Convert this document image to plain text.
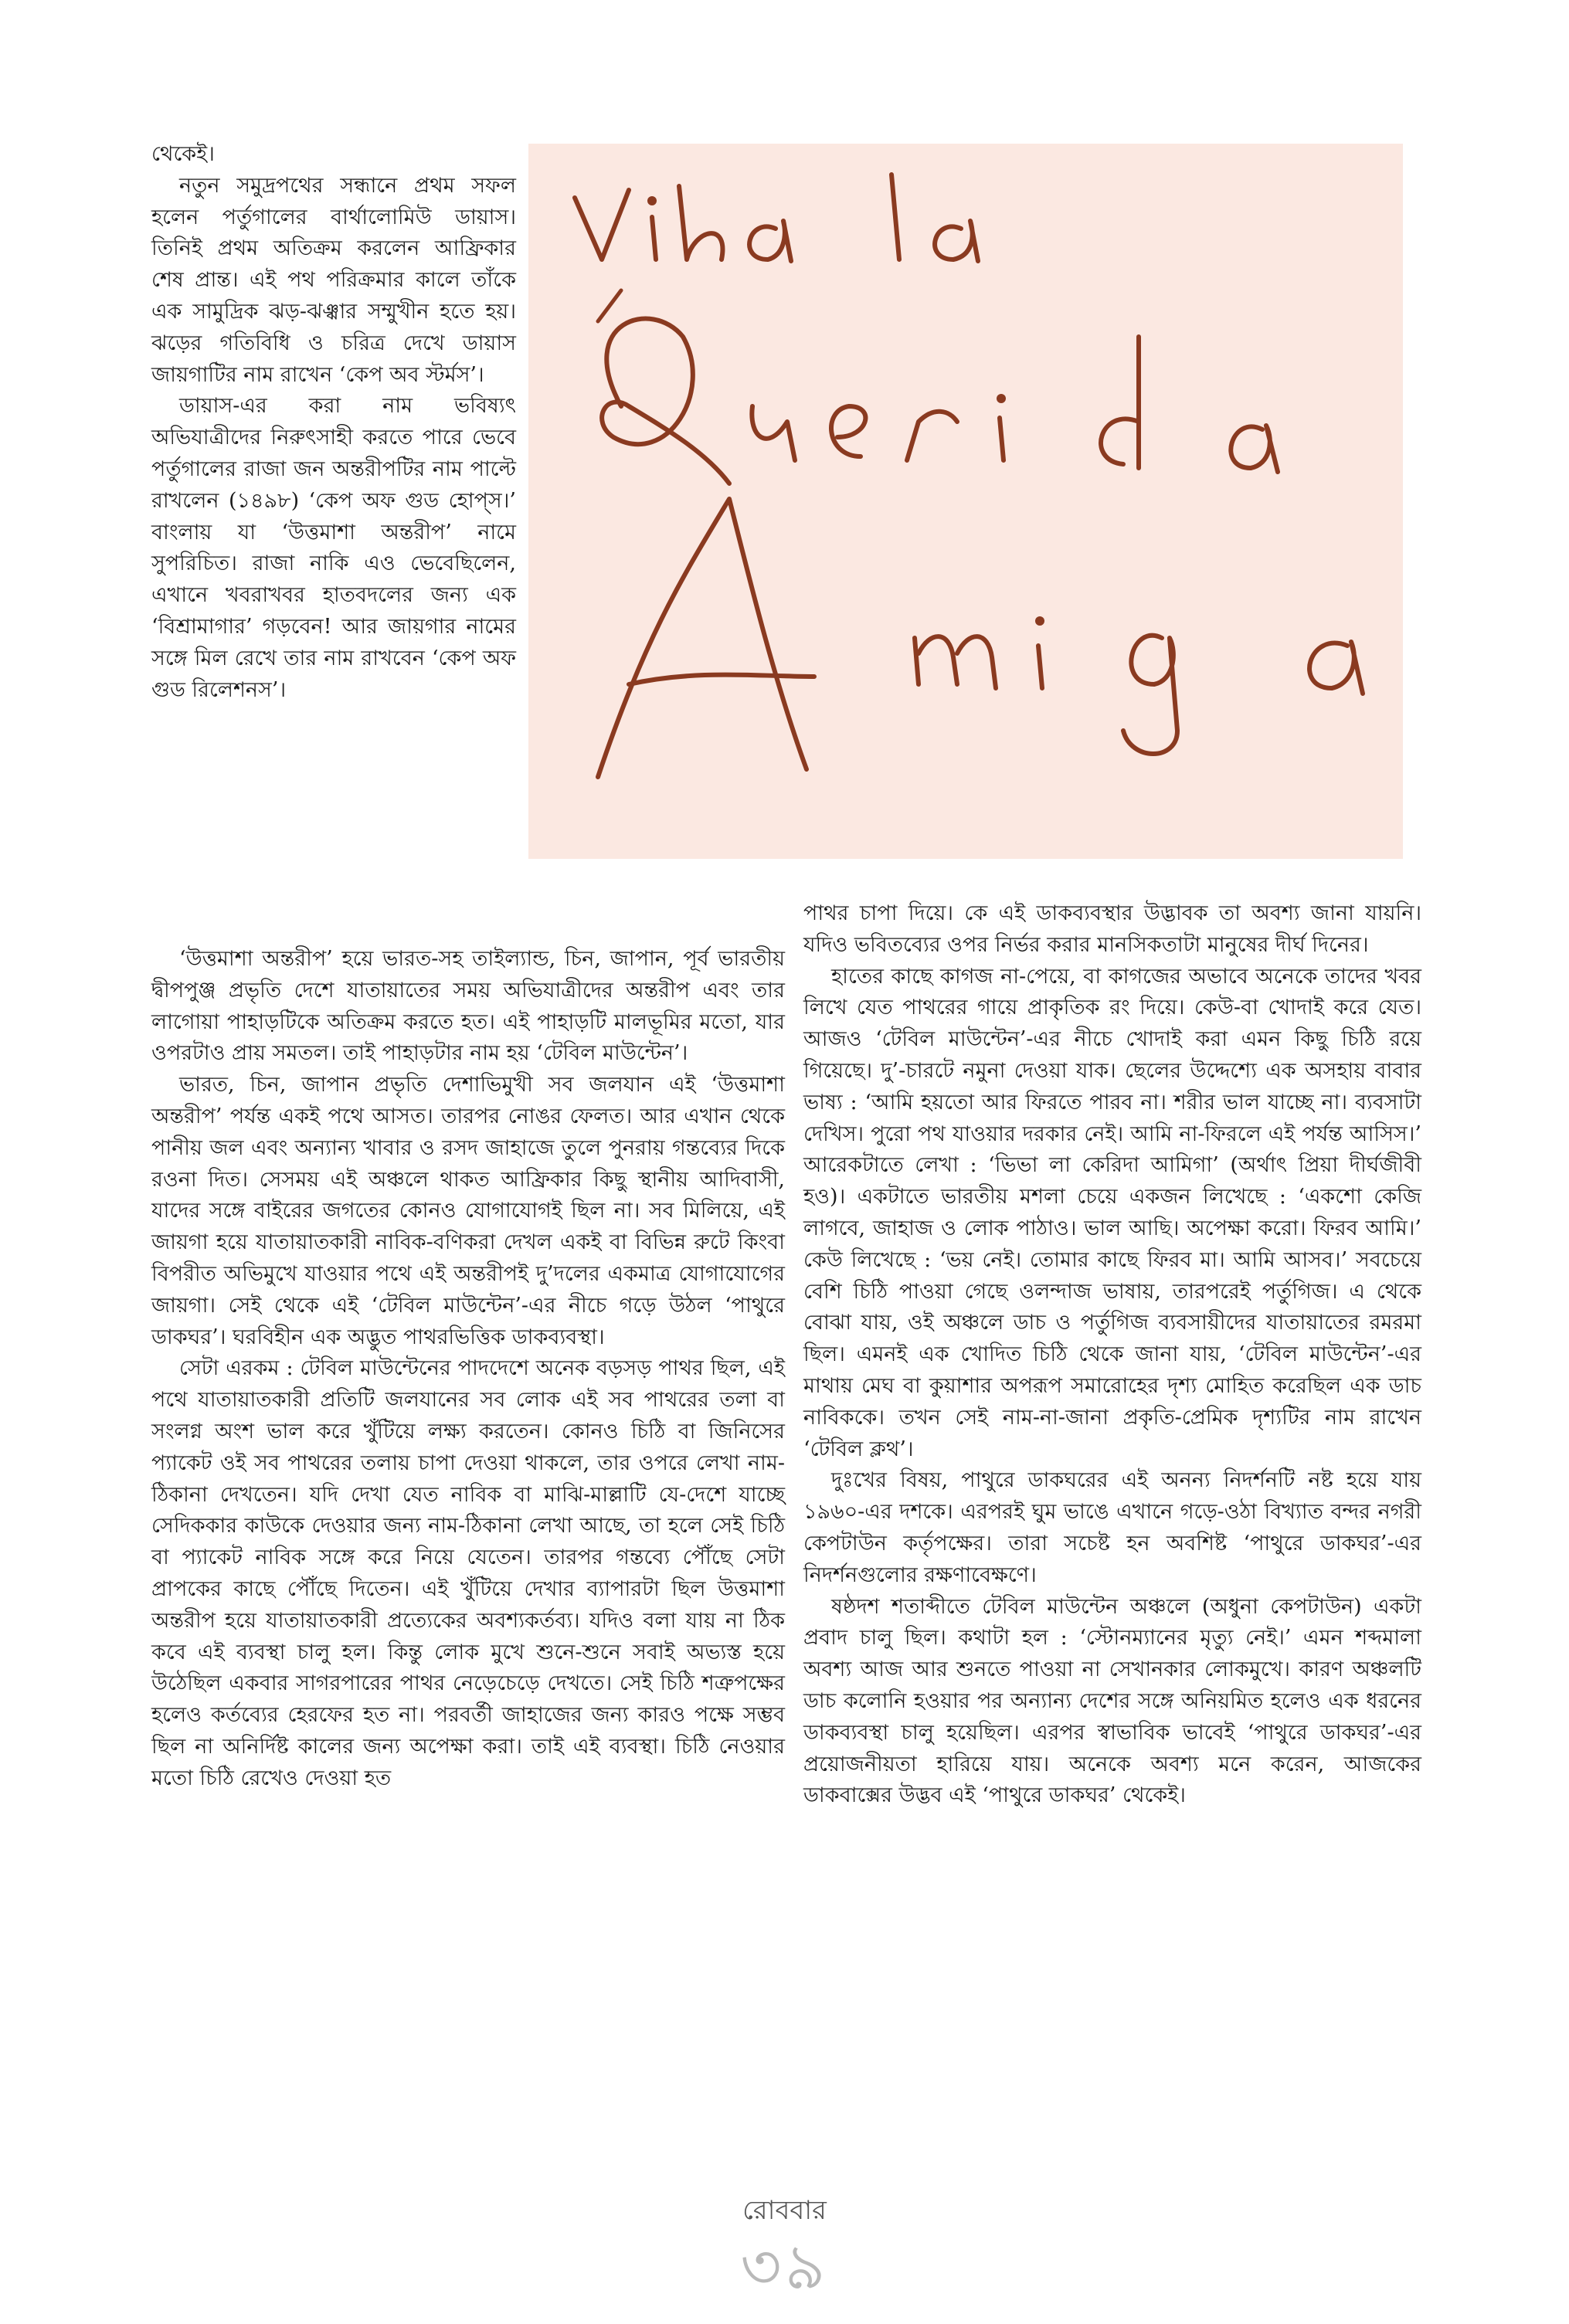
থেকেই।

নতুন সমুদ্রপথের সন্ধানে প্রথম সফল হলেন পর্তুগালের বার্থালোমিউ ডায়াস। তিনিই প্রথম অতিক্রম করলেন আফ্রিকার শেষ প্রান্ত। এই পথ পরিক্রমার কালে তাঁকে এক সামুদ্রিক ঝড়-ঝঞ্ঝার সম্মুখীন হতে হয়। ঝড়ের গতিবিধি ও চরিত্র দেখে ডায়াস জায়গাটির নাম রাখেন ‘কেপ অব স্টর্মস’।

ডায়াস-এর করা নাম ভবিষ্যৎ অভিযাত্রীদের নিরুৎসাহী করতে পারে ভেবে পর্তুগালের রাজা জন অন্তরীপটির নাম পাল্টে রাখলেন (১৪৯৮) ‘কেপ অফ গুড হোপ্‌স।’ বাংলায় যা ‘উত্তমাশা অন্তরীপ’ নামে সুপরিচিত। রাজা নাকি এও ভেবেছিলেন, এখানে খবরাখবর হাতবদলের জন্য এক ‘বিশ্রামাগার’ গড়বেন! আর জায়গার নামের সঙ্গে মিল রেখে তার নাম রাখবেন ‘কেপ অফ গুড রিলেশনস’।

‘উত্তমাশা অন্তরীপ’ হয়ে ভারত-সহ তাইল্যান্ড, চিন, জাপান, পূর্ব ভারতীয় দ্বীপপুঞ্জ প্রভৃতি দেশে যাতায়াতের সময় অভিযাত্রীদের অন্তরীপ এবং তার লাগোয়া পাহাড়টিকে অতিক্রম করতে হত। এই পাহাড়টি মালভূমির মতো, যার ওপরটাও প্রায় সমতল। তাই পাহাড়টার নাম হয় ‘টেবিল মাউন্টেন’।

ভারত, চিন, জাপান প্রভৃতি দেশাভিমুখী সব জলযান এই ‘উত্তমাশা অন্তরীপ’ পর্যন্ত একই পথে আসত। তারপর নোঙর ফেলত। আর এখান থেকে পানীয় জল এবং অন্যান্য খাবার ও রসদ জাহাজে তুলে পুনরায় গন্তব্যের দিকে রওনা দিত। সেসময় এই অঞ্চলে থাকত আফ্রিকার কিছু স্থানীয় আদিবাসী, যাদের সঙ্গে বাইরের জগতের কোনও যোগাযোগই ছিল না। সব মিলিয়ে, এই জায়গা হয়ে যাতায়াতকারী নাবিক-বণিকরা দেখল একই বা বিভিন্ন রুটে কিংবা বিপরীত অভিমুখে যাওয়ার পথে এই অন্তরীপই দু’দলের একমাত্র যোগাযোগের জায়গা। সেই থেকে এই ‘টেবিল মাউন্টেন’-এর নীচে গড়ে উঠল ‘পাথুরে ডাকঘর’। ঘরবিহীন এক অদ্ভুত পাথরভিত্তিক ডাকব্যবস্থা।

সেটা এরকম : টেবিল মাউন্টেনের পাদদেশে অনেক বড়সড় পাথর ছিল, এই পথে যাতায়াতকারী প্রতিটি জলযানের সব লোক এই সব পাথরের তলা বা সংলগ্ন অংশ ভাল করে খুঁটিয়ে লক্ষ্য করতেন। কোনও চিঠি বা জিনিসের প্যাকেট ওই সব পাথরের তলায় চাপা দেওয়া থাকলে, তার ওপরে লেখা নাম-ঠিকানা দেখতেন। যদি দেখা যেত নাবিক বা মাঝি-মাল্লাটি যে-দেশে যাচ্ছে সেদিককার কাউকে দেওয়ার জন্য নাম-ঠিকানা লেখা আছে, তা হলে সেই চিঠি বা প্যাকেট নাবিক সঙ্গে করে নিয়ে যেতেন। তারপর গন্তব্যে পৌঁছে সেটা প্রাপকের কাছে পৌঁছে দিতেন। এই খুঁটিয়ে দেখার ব্যাপারটা ছিল উত্তমাশা অন্তরীপ হয়ে যাতায়াতকারী প্রত্যেকের অবশ্যকর্তব্য। যদিও বলা যায় না ঠিক কবে এই ব্যবস্থা চালু হল। কিন্তু লোক মুখে শুনে-শুনে সবাই অভ্যস্ত হয়ে উঠেছিল একবার সাগরপারের পাথর নেড়েচেড়ে দেখতে। সেই চিঠি শত্রুপক্ষের হলেও কর্তব্যের হেরফের হত না। পরবর্তী জাহাজের জন্য কারও পক্ষে সম্ভব ছিল না অনির্দিষ্ট কালের জন্য অপেক্ষা করা। তাই এই ব্যবস্থা। চিঠি নেওয়ার মতো চিঠি রেখেও দেওয়া হত

পাথর চাপা দিয়ে। কে এই ডাকব্যবস্থার উদ্ভাবক তা অবশ্য জানা যায়নি। যদিও ভবিতব্যের ওপর নির্ভর করার মানসিকতাটা মানুষের দীর্ঘ দিনের।

হাতের কাছে কাগজ না-পেয়ে, বা কাগজের অভাবে অনেকে তাদের খবর লিখে যেত পাথরের গায়ে প্রাকৃতিক রং দিয়ে। কেউ-বা খোদাই করে যেত। আজও ‘টেবিল মাউন্টেন’-এর নীচে খোদাই করা এমন কিছু চিঠি রয়ে গিয়েছে। দু’-চারটে নমুনা দেওয়া যাক। ছেলের উদ্দেশ্যে এক অসহায় বাবার ভাষ্য : ‘আমি হয়তো আর ফিরতে পারব না। শরীর ভাল যাচ্ছে না। ব্যবসাটা দেখিস। পুরো পথ যাওয়ার দরকার নেই। আমি না-ফিরলে এই পর্যন্ত আসিস।’ আরেকটাতে লেখা : ‘ভিভা লা কেরিদা আমিগা’ (অর্থাৎ প্রিয়া দীর্ঘজীবী হও)। একটাতে ভারতীয় মশলা চেয়ে একজন লিখেছে : ‘একশো কেজি লাগবে, জাহাজ ও লোক পাঠাও। ভাল আছি। অপেক্ষা করো। ফিরব আমি।’ কেউ লিখেছে : ‘ভয় নেই। তোমার কাছে ফিরব মা। আমি আসব।’ সবচেয়ে বেশি চিঠি পাওয়া গেছে ওলন্দাজ ভাষায়, তারপরেই পর্তুগিজ। এ থেকে বোঝা যায়, ওই অঞ্চলে ডাচ ও পর্তুগিজ ব্যবসায়ীদের যাতায়াতের রমরমা ছিল। এমনই এক খোদিত চিঠি থেকে জানা যায়, ‘টেবিল মাউন্টেন’-এর মাথায় মেঘ বা কুয়াশার অপরূপ সমারোহের দৃশ্য মোহিত করেছিল এক ডাচ নাবিককে। তখন সেই নাম-না-জানা প্রকৃতি-প্রেমিক দৃশ্যটির নাম রাখেন ‘টেবিল ক্লথ’।

দুঃখের বিষয়, পাথুরে ডাকঘরের এই অনন্য নিদর্শনটি নষ্ট হয়ে যায় ১৯৬০-এর দশকে। এরপরই ঘুম ভাঙে এখানে গড়ে-ওঠা বিখ্যাত বন্দর নগরী কেপটাউন কর্তৃপক্ষের। তারা সচেষ্ট হন অবশিষ্ট ‘পাথুরে ডাকঘর’-এর নিদর্শনগুলোর রক্ষণাবেক্ষণে।

ষষ্ঠদশ শতাব্দীতে টেবিল মাউন্টেন অঞ্চলে (অধুনা কেপটাউন) একটা প্রবাদ চালু ছিল। কথাটা হল : ‘স্টোনম্যানের মৃত্যু নেই।’ এমন শব্দমালা অবশ্য আজ আর শুনতে পাওয়া না সেখানকার লোকমুখে। কারণ অঞ্চলটি ডাচ কলোনি হওয়ার পর অন্যান্য দেশের সঙ্গে অনিয়মিত হলেও এক ধরনের ডাকব্যবস্থা চালু হয়েছিল। এরপর স্বাভাবিক ভাবেই ‘পাথুরে ডাকঘর’-এর প্রয়োজনীয়তা হারিয়ে যায়। অনেকে অবশ্য মনে করেন, আজকের ডাকবাক্সের উদ্ভব এই ‘পাথুরে ডাকঘর’ থেকেই।

রোববার
৩৯
